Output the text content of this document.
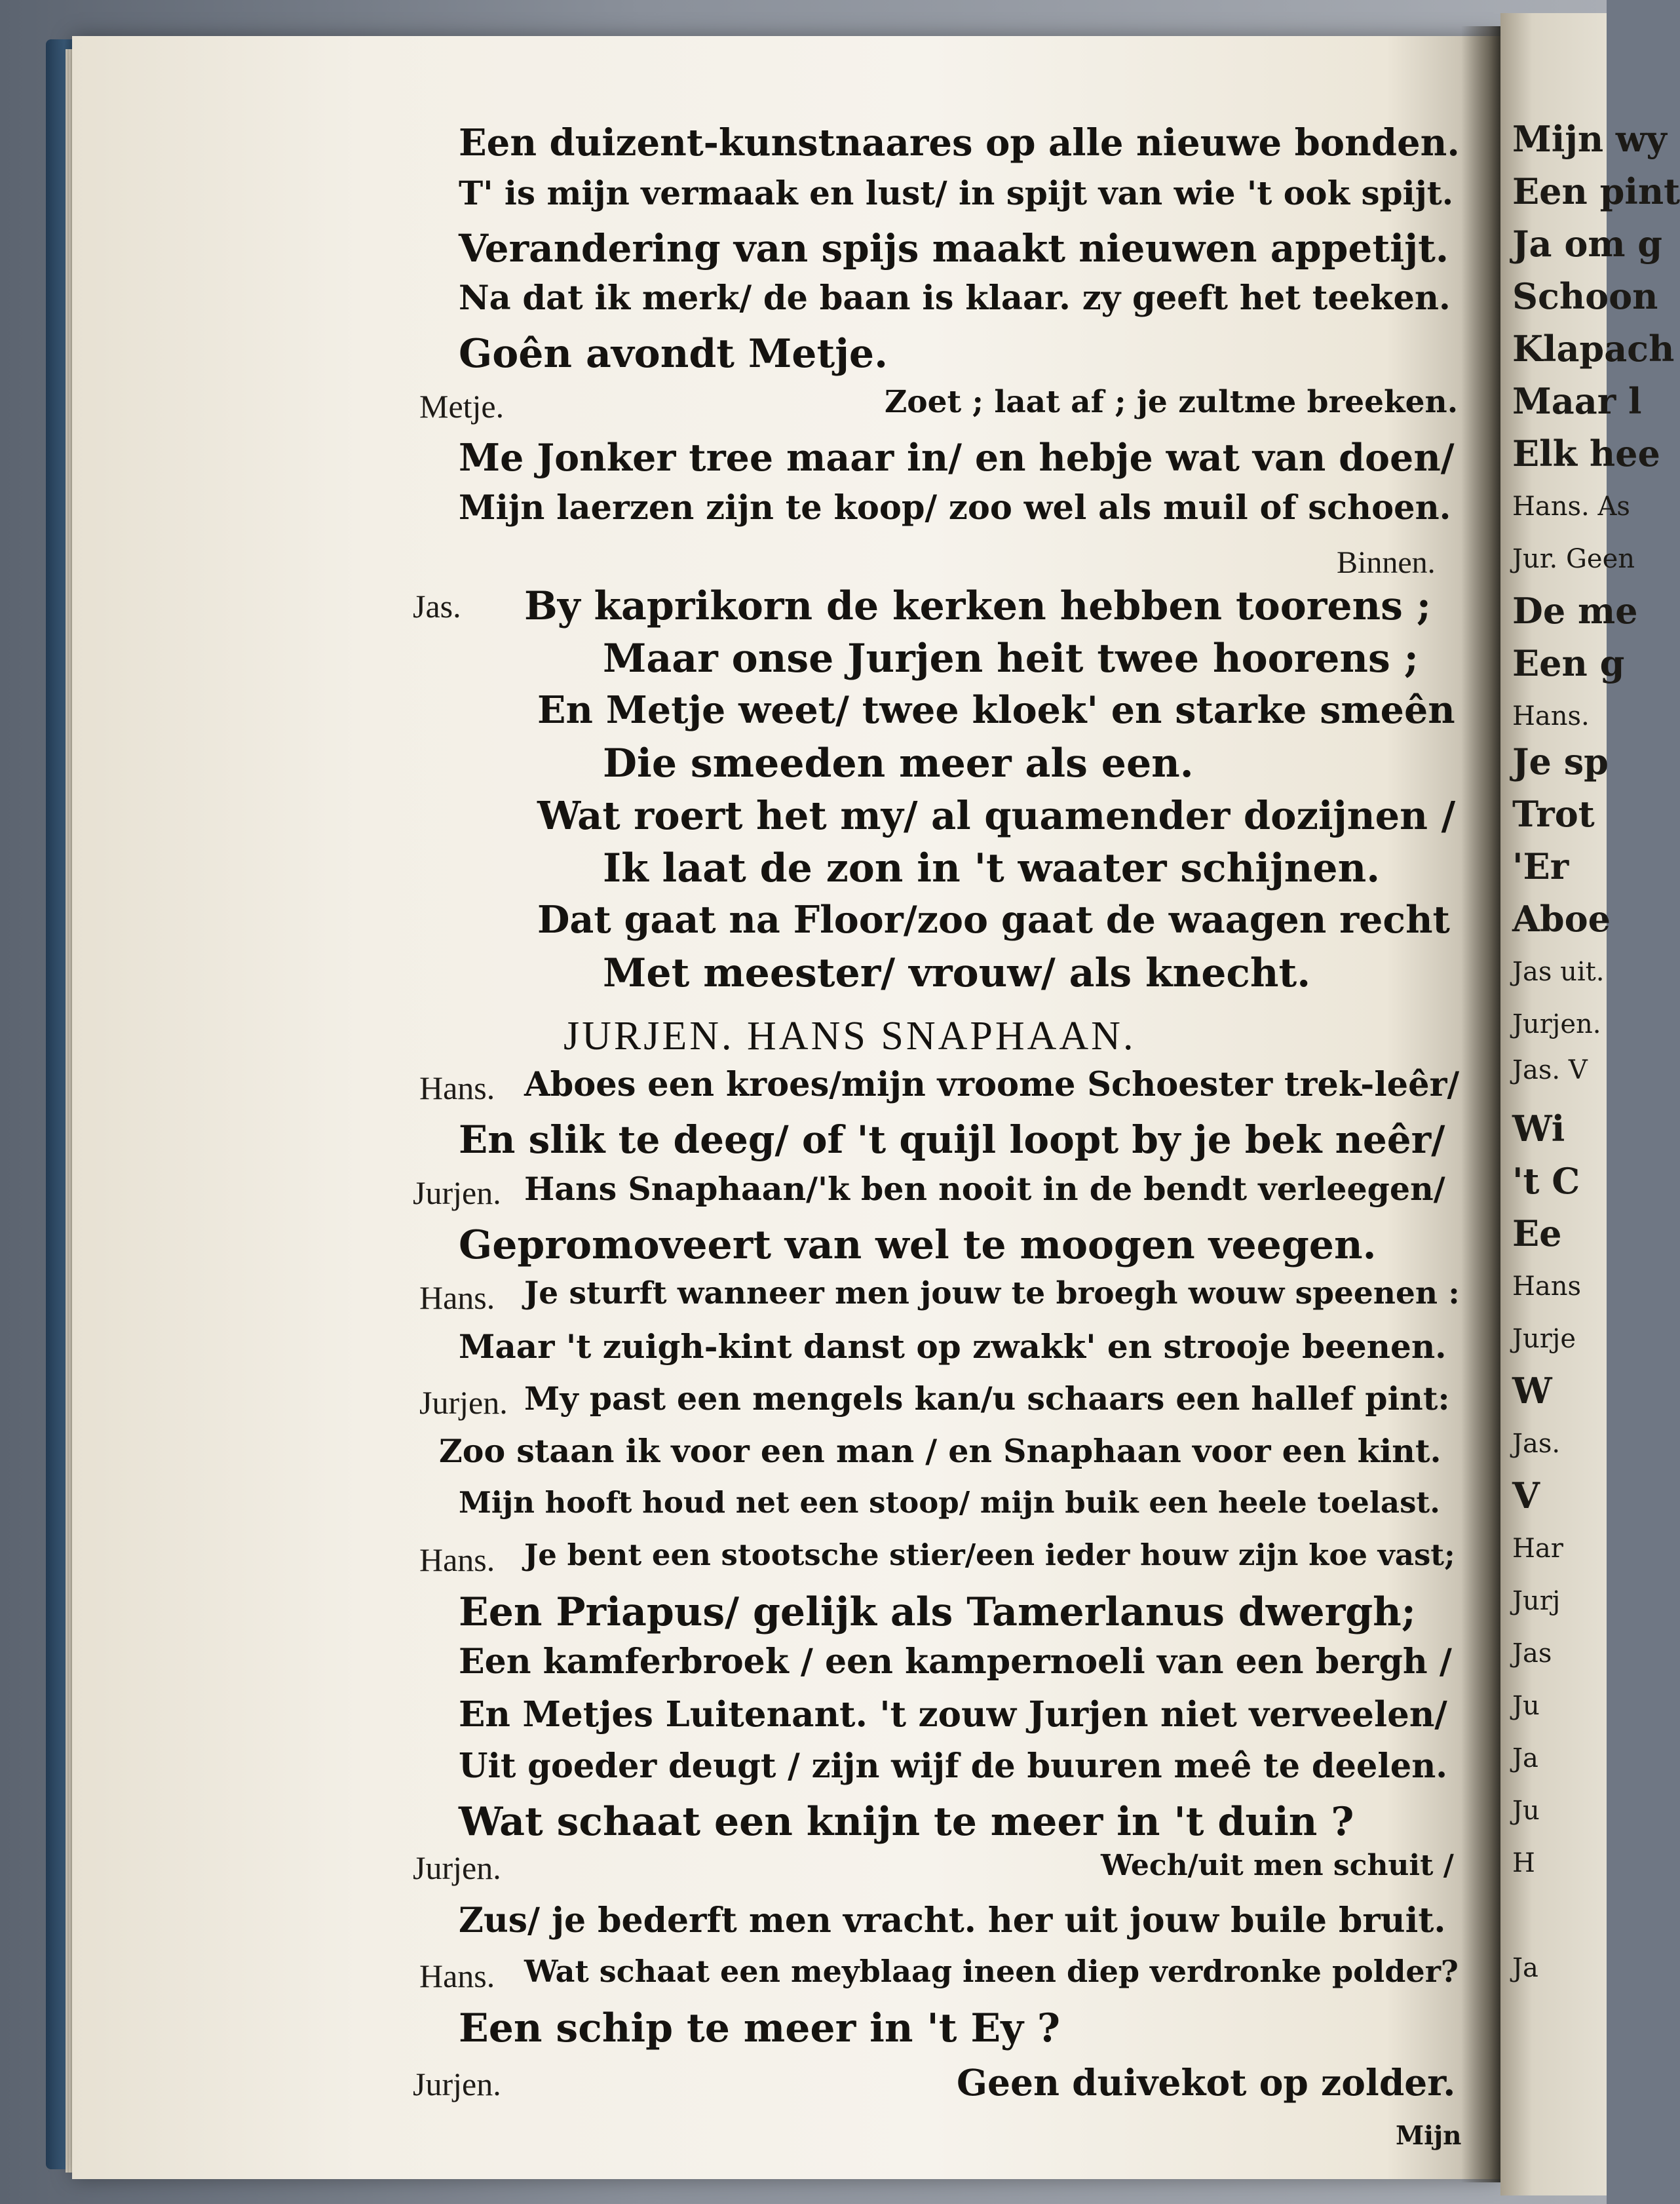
Een duizent-kunstnaares op alle nieuwe bonden.
T' is mijn vermaak en lust/ in spijt van wie 't ook spijt.
Verandering van spijs maakt nieuwen appetijt.
Na dat ik merk/ de baan is klaar. zy geeft het teeken.
Goên avondt Metje.
Metje.	Zoet ; laat af ; je zultme breeken.
Me Jonker tree maar in/ en hebje wat van doen/
Mijn laerzen zijn te koop/ zoo wel als muil of schoen.
Binnen.
Jas. By kaprikorn de kerken hebben toorens ;
Maar onse Jurjen heit twee hoorens ;
En Metje weet/ twee kloek' en starke smeên
Die smeeden meer als een.
Wat roert het my/ al quamender dozijnen /
Ik laat de zon in 't waater schijnen.
Dat gaat na Floor/zoo gaat de waagen recht
Met meester/ vrouw/ als knecht.
JURJEN. HANS SNAPHAAN.
Hans. Aboes een kroes/mijn vroome Schoester trek-leêr/
En slik te deeg/ of 't quijl loopt by je bek neêr/
Jurjen. Hans Snaphaan/'k ben nooit in de bendt verleegen/
Gepromoveert van wel te moogen veegen.
Hans. Je sturft wanneer men jouw te broegh wouw speenen :
Maar 't zuigh-kint danst op zwakk' en strooje beenen.
Jurjen. My past een mengels kan/u schaars een hallef pint:
Zoo staan ik voor een man / en Snaphaan voor een kint.
Mijn hooft houd net een stoop/ mijn buik een heele toelast.
Hans. Je bent een stootsche stier/een ieder houw zijn koe vast;
Een Priapus/ gelijk als Tamerlanus dwergh;
Een kamferbroek / een kampernoeli van een bergh /
En Metjes Luitenant. 't zouw Jurjen niet verveelen/
Uit goeder deugt / zijn wijf de buuren meê te deelen.
Wat schaat een knijn te meer in 't duin ?
Jurjen.	Wech/uit men schuit /
Zus/ je bederft men vracht. her uit jouw buile bruit.
Hans. Wat schaat een meyblaag ineen diep verdronke polder?
Een schip te meer in 't Ey ?
Jurjen.	Geen duivekot op zolder.
Mijn
Mijn wy
Een pint
Ja om g
Schoon
Klapach
Maar l
Elk hee
Hans. As
Jur. Geen
De me
Een g
Hans.
Je sp
Trot
'Er
Aboe
Jas uit.
Jurjen.
Jas. V
Wi
't C
Ee
Hans
Jurje
W
Jas.
V
Har
Jurj
Jas
Ju
Ja
Ju
H
Ja
